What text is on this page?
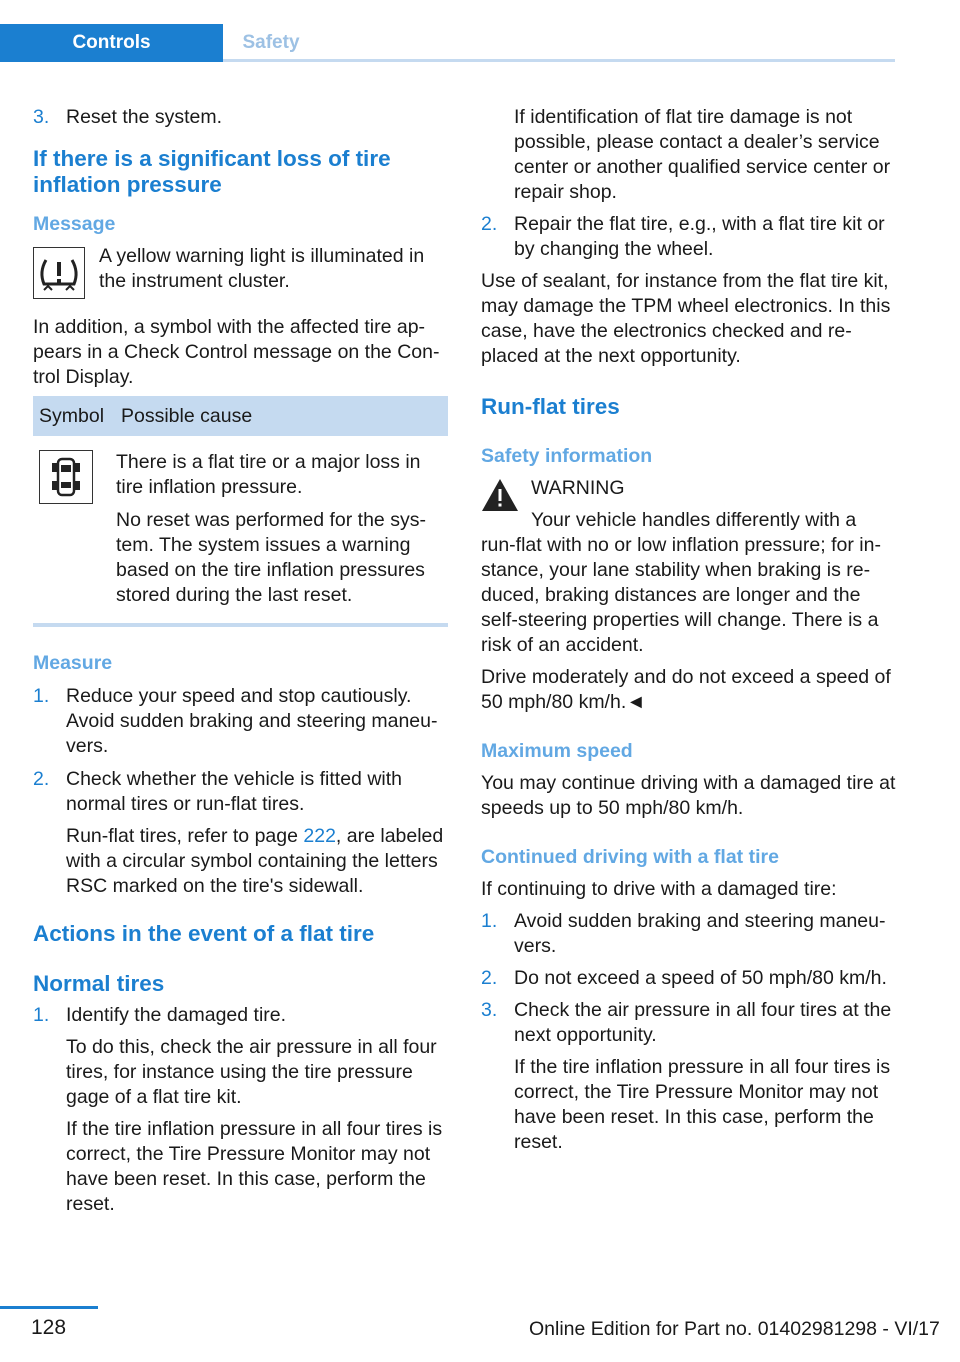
Controls	Safety
3. Reset the system.

If there is a significant loss of tire inflation pressure

Message

A yellow warning light is illuminated in the instrument cluster.

In addition, a symbol with the affected tire appears in a Check Control message on the Control Display.

Symbol	Possible cause

There is a flat tire or a major loss in tire inflation pressure.

No reset was performed for the system. The system issues a warning based on the tire inflation pressures stored during the last reset.

Measure

1. Reduce your speed and stop cautiously. Avoid sudden braking and steering maneuvers.
2. Check whether the vehicle is fitted with normal tires or run-flat tires.

Run-flat tires, refer to page 222, are labeled with a circular symbol containing the letters RSC marked on the tire's sidewall.

Actions in the event of a flat tire

Normal tires

1. Identify the damaged tire.

To do this, check the air pressure in all four tires, for instance using the tire pressure gage of a flat tire kit.

If the tire inflation pressure in all four tires is correct, the Tire Pressure Monitor may not have been reset. In this case, perform the reset.

If identification of flat tire damage is not possible, please contact a dealer’s service center or another qualified service center or repair shop.

2. Repair the flat tire, e.g., with a flat tire kit or by changing the wheel.

Use of sealant, for instance from the flat tire kit, may damage the TPM wheel electronics. In this case, have the electronics checked and replaced at the next opportunity.

Run-flat tires

Safety information

WARNING

Your vehicle handles differently with a

run-flat with no or low inflation pressure; for instance, your lane stability when braking is reduced, braking distances are longer and the self-steering properties will change. There is a risk of an accident.

Drive moderately and do not exceed a speed of 50 mph/80 km/h.◄

Maximum speed

You may continue driving with a damaged tire at speeds up to 50 mph/80 km/h.

Continued driving with a flat tire

If continuing to drive with a damaged tire:

1. Avoid sudden braking and steering maneuvers.
2. Do not exceed a speed of 50 mph/80 km/h.
3. Check the air pressure in all four tires at the next opportunity.

If the tire inflation pressure in all four tires is correct, the Tire Pressure Monitor may not have been reset. In this case, perform the reset.

128	Online Edition for Part no. 01402981298 - VI/17
